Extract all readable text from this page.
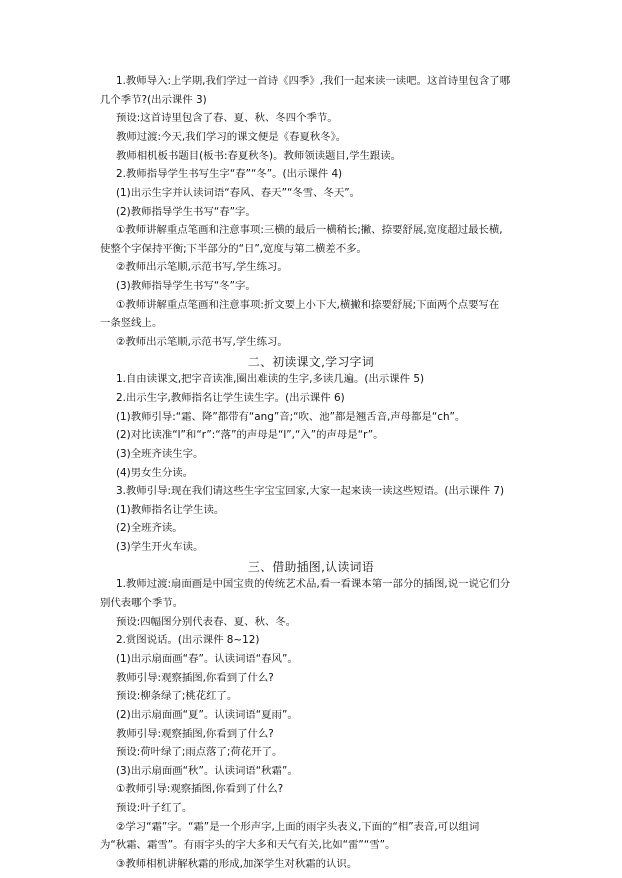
1.教师导入:上学期,我们学过一首诗《四季》,我们一起来读一读吧。这首诗里包含了哪
几个季节?(出示课件 3)
预设:这首诗里包含了春、夏、秋、冬四个季节。
教师过渡:今天,我们学习的课文便是《春夏秋冬》。
教师相机板书题目(板书:春夏秋冬)。教师领读题目,学生跟读。
2.教师指导学生书写生字“春”“冬”。(出示课件 4)
(1)出示生字并认读词语“春风、春天”“冬雪、冬天”。
(2)教师指导学生书写“春”字。
①教师讲解重点笔画和注意事项:三横的最后一横稍长;撇、捺要舒展,宽度超过最长横,
使整个字保持平衡;下半部分的“日”,宽度与第二横差不多。
②教师出示笔顺,示范书写,学生练习。
(3)教师指导学生书写“冬”字。
①教师讲解重点笔画和注意事项:折文要上小下大,横撇和捺要舒展;下面两个点要写在
一条竖线上。
②教师出示笔顺,示范书写,学生练习。
二、初读课文,学习字词
1.自由读课文,把字音读准,圈出难读的生字,多读几遍。(出示课件 5)
2.出示生字,教师指名让学生读生字。(出示课件 6)
(1)教师引导:“霜、降”都带有“ang”音;“吹、池”都是翘舌音,声母都是“ch”。
(2)对比读准“l”和“r”:“落”的声母是“l”,“入”的声母是“r”。
(3)全班齐读生字。
(4)男女生分读。
3.教师引导:现在我们请这些生字宝宝回家,大家一起来读一读这些短语。(出示课件 7)
(1)教师指名让学生读。
(2)全班齐读。
(3)学生开火车读。
三、借助插图,认读词语
1.教师过渡:扇面画是中国宝贵的传统艺术品,看一看课本第一部分的插图,说一说它们分
别代表哪个季节。
预设:四幅图分别代表春、夏、秋、冬。
2.赏图说话。(出示课件 8~12)
(1)出示扇面画“春”。认读词语“春风”。
教师引导:观察插图,你看到了什么?
预设:柳条绿了;桃花红了。
(2)出示扇面画“夏”。认读词语“夏雨”。
教师引导:观察插图,你看到了什么?
预设:荷叶绿了;雨点落了;荷花开了。
(3)出示扇面画“秋”。认读词语“秋霜”。
①教师引导:观察插图,你看到了什么?
预设:叶子红了。
②学习“霜”字。“霜”是一个形声字,上面的雨字头表义,下面的“相”表音,可以组词
为“秋霜、霜雪”。有雨字头的字大多和天气有关,比如“雷”“雪”。
③教师相机讲解秋霜的形成,加深学生对秋霜的认识。
